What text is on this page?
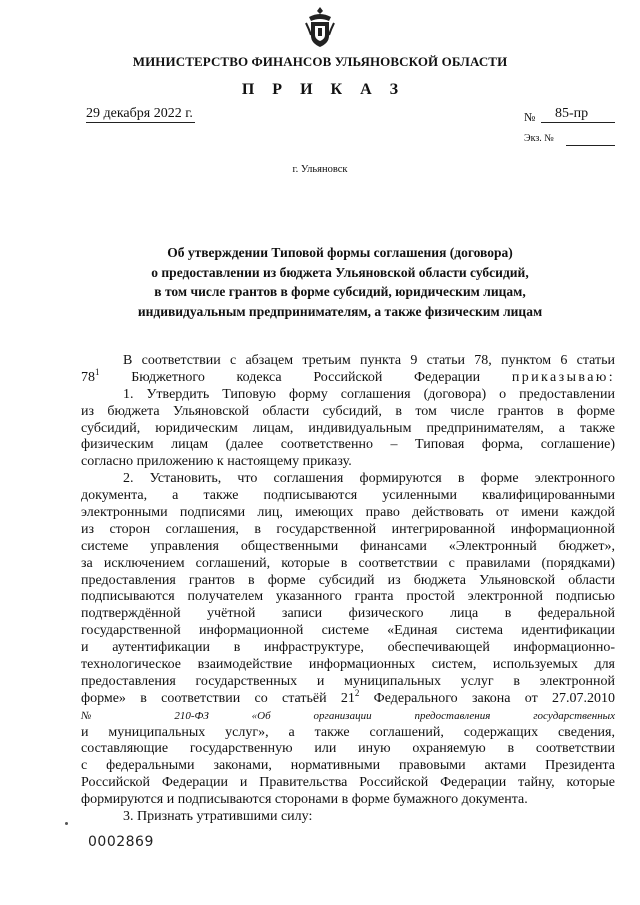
МИНИСТЕРСТВО ФИНАНСОВ УЛЬЯНОВСКОЙ ОБЛАСТИ
П Р И К А З
29 декабря 2022 г.	№	85-пр
Экз. №
г. Ульяновск
Об утверждении Типовой формы соглашения (договора)
о предоставлении из бюджета Ульяновской области субсидий,
в том числе грантов в форме субсидий, юридическим лицам,
индивидуальным предпринимателям, а также физическим лицам
В соответствии с абзацем третьим пункта 9 статьи 78, пунктом 6 статьи
$78^1$ Бюджетного кодекса Российской Федерации приказываю:
1. Утвердить Типовую форму соглашения (договора) о предоставлении
из бюджета Ульяновской области субсидий, в том числе грантов в форме
субсидий, юридическим лицам, индивидуальным предпринимателям, а также
физическим лицам (далее соответственно – Типовая форма, соглашение)
согласно приложению к настоящему приказу.
2. Установить, что соглашения формируются в форме электронного
документа, а также подписываются усиленными квалифицированными
электронными подписями лиц, имеющих право действовать от имени каждой
из сторон соглашения, в государственной интегрированной информационной
системе управления общественными финансами «Электронный бюджет»,
за исключением соглашений, которые в соответствии с правилами (порядками)
предоставления грантов в форме субсидий из бюджета Ульяновской области
подписываются получателем указанного гранта простой электронной подписью
подтверждённой учётной записи физического лица в федеральной
государственной информационной системе «Единая система идентификации
и аутентификации в инфраструктуре, обеспечивающей информационно-
технологическое взаимодействие информационных систем, используемых для
предоставления государственных и муниципальных услуг в электронной
форме» в соответствии со статьёй $21^2$ Федерального закона от 27.07.2010
№ 210-ФЗ «Об организации предоставления государственных
и муниципальных услуг», а также соглашений, содержащих сведения,
составляющие государственную или иную охраняемую в соответствии
с федеральными законами, нормативными правовыми актами Президента
Российской Федерации и Правительства Российской Федерации тайну, которые
формируются и подписываются сторонами в форме бумажного документа.
3. Признать утратившими силу:
0002869
